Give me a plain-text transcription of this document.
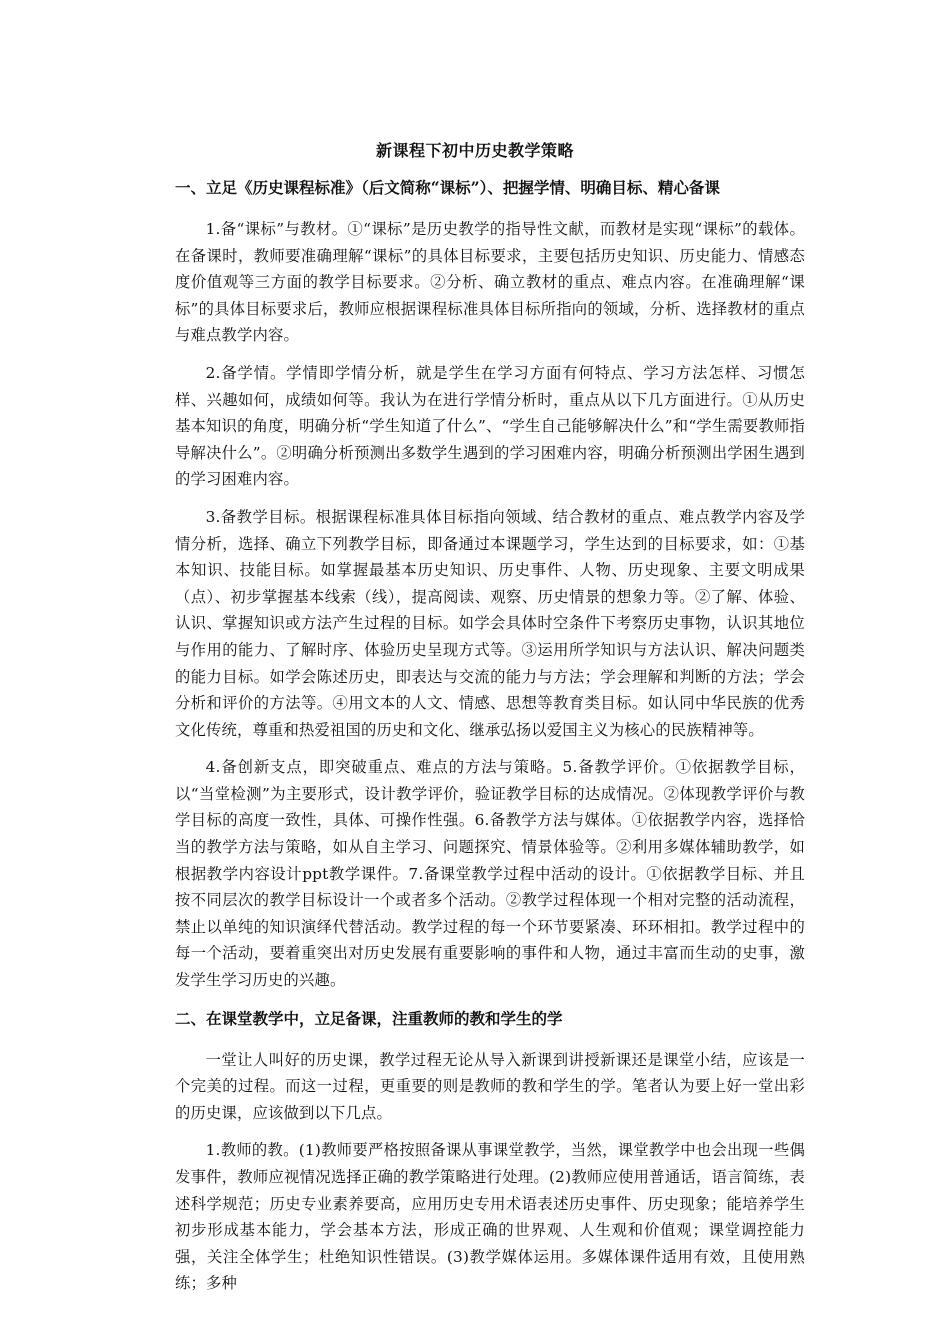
新课程下初中历史教学策略
一、立足《历史课程标准》（后文简称“课标”）、把握学情、明确目标、精心备课

1.备“课标”与教材。①“课标”是历史教学的指导性文献，而教材是实现“课标”的载体。在备课时，教师要准确理解“课标”的具体目标要求，主要包括历史知识、历史能力、情感态度价值观等三方面的教学目标要求。②分析、确立教材的重点、难点内容。在准确理解“课标”的具体目标要求后，教师应根据课程标准具体目标所指向的领域，分析、选择教材的重点与难点教学内容。

2.备学情。学情即学情分析，就是学生在学习方面有何特点、学习方法怎样、习惯怎样、兴趣如何，成绩如何等。我认为在进行学情分析时，重点从以下几方面进行。①从历史基本知识的角度，明确分析“学生知道了什么”、“学生自己能够解决什么”和“学生需要教师指导解决什么”。②明确分析预测出多数学生遇到的学习困难内容，明确分析预测出学困生遇到的学习困难内容。

3.备教学目标。根据课程标准具体目标指向领域、结合教材的重点、难点教学内容及学情分析，选择、确立下列教学目标，即备通过本课题学习，学生达到的目标要求，如：①基本知识、技能目标。如掌握最基本历史知识、历史事件、人物、历史现象、主要文明成果（点）、初步掌握基本线索（线），提高阅读、观察、历史情景的想象力等。②了解、体验、认识、掌握知识或方法产生过程的目标。如学会具体时空条件下考察历史事物，认识其地位与作用的能力、了解时序、体验历史呈现方式等。③运用所学知识与方法认识、解决问题类的能力目标。如学会陈述历史，即表达与交流的能力与方法；学会理解和判断的方法；学会分析和评价的方法等。④用文本的人文、情感、思想等教育类目标。如认同中华民族的优秀文化传统，尊重和热爱祖国的历史和文化、继承弘扬以爱国主义为核心的民族精神等。

4.备创新支点，即突破重点、难点的方法与策略。5.备教学评价。①依据教学目标，以“当堂检测”为主要形式，设计教学评价，验证教学目标的达成情况。②体现教学评价与教学目标的高度一致性，具体、可操作性强。6.备教学方法与媒体。①依据教学内容，选择恰当的教学方法与策略，如从自主学习、问题探究、情景体验等。②利用多媒体辅助教学，如根据教学内容设计ppt教学课件。7.备课堂教学过程中活动的设计。①依据教学目标、并且按不同层次的教学目标设计一个或者多个活动。②教学过程体现一个相对完整的活动流程，禁止以单纯的知识演绎代替活动。教学过程的每一个环节要紧凑、环环相扣。教学过程中的每一个活动，要着重突出对历史发展有重要影响的事件和人物，通过丰富而生动的史事，激发学生学习历史的兴趣。

二、在课堂教学中，立足备课，注重教师的教和学生的学

一堂让人叫好的历史课，教学过程无论从导入新课到讲授新课还是课堂小结，应该是一个完美的过程。而这一过程，更重要的则是教师的教和学生的学。笔者认为要上好一堂出彩的历史课，应该做到以下几点。

1.教师的教。(1)教师要严格按照备课从事课堂教学，当然，课堂教学中也会出现一些偶发事件，教师应视情况选择正确的教学策略进行处理。(2)教师应使用普通话，语言简练，表述科学规范；历史专业素养要高，应用历史专用术语表述历史事件、历史现象；能培养学生初步形成基本能力，学会基本方法，形成正确的世界观、人生观和价值观；课堂调控能力强，关注全体学生；杜绝知识性错误。(3)教学媒体运用。多媒体课件适用有效，且使用熟练；多种
